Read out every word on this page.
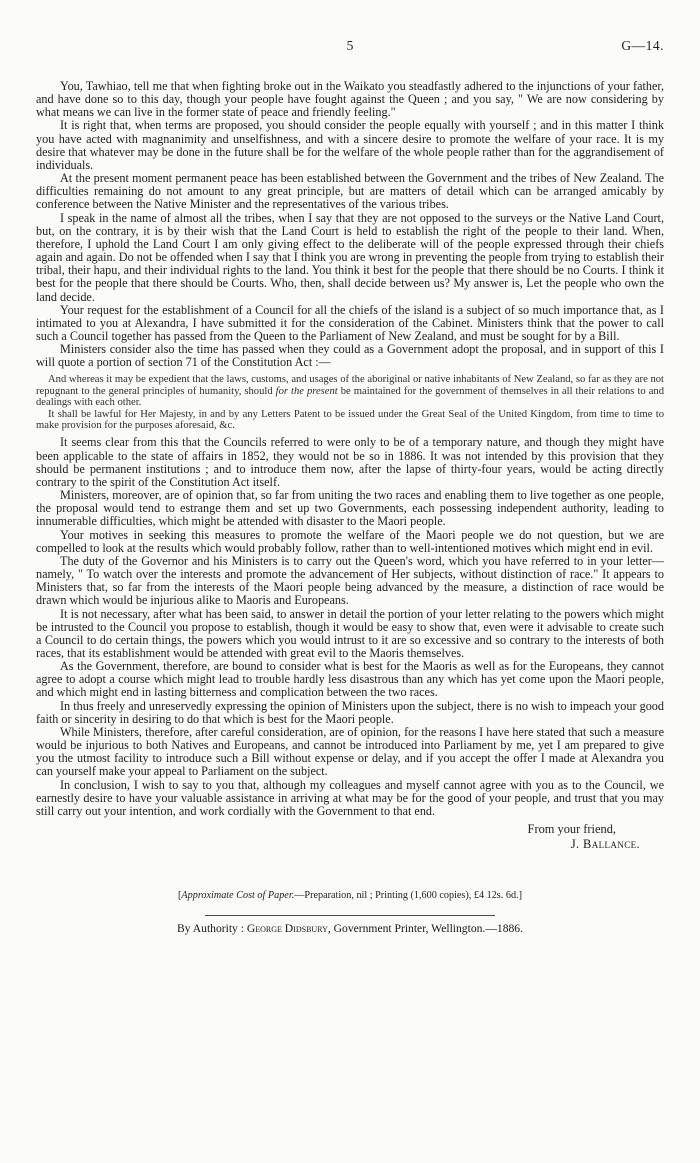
5	G—14.

You, Tawhiao, tell me that when fighting broke out in the Waikato you steadfastly adhered to the injunctions of your father, and have done so to this day, though your people have fought against the Queen ; and you say, " We are now considering by what means we can live in the former state of peace and friendly feeling."

It is right that, when terms are proposed, you should consider the people equally with yourself ; and in this matter I think you have acted with magnanimity and unselfishness, and with a sincere desire to promote the welfare of your race. It is my desire that whatever may be done in the future shall be for the welfare of the whole people rather than for the aggrandisement of individuals.

At the present moment permanent peace has been established between the Government and the tribes of New Zealand. The difficulties remaining do not amount to any great principle, but are matters of detail which can be arranged amicably by conference between the Native Minister and the representatives of the various tribes.

I speak in the name of almost all the tribes, when I say that they are not opposed to the surveys or the Native Land Court, but, on the contrary, it is by their wish that the Land Court is held to establish the right of the people to their land. When, therefore, I uphold the Land Court I am only giving effect to the deliberate will of the people expressed through their chiefs again and again. Do not be offended when I say that I think you are wrong in preventing the people from trying to establish their tribal, their hapu, and their individual rights to the land. You think it best for the people that there should be no Courts. I think it best for the people that there should be Courts. Who, then, shall decide between us? My answer is, Let the people who own the land decide.

Your request for the establishment of a Council for all the chiefs of the island is a subject of so much importance that, as I intimated to you at Alexandra, I have submitted it for the consideration of the Cabinet. Ministers think that the power to call such a Council together has passed from the Queen to the Parliament of New Zealand, and must be sought for by a Bill.

Ministers consider also the time has passed when they could as a Government adopt the proposal, and in support of this I will quote a portion of section 71 of the Constitution Act :—

And whereas it may be expedient that the laws, customs, and usages of the aboriginal or native inhabitants of New Zealand, so far as they are not repugnant to the general principles of humanity, should for the present be maintained for the government of themselves in all their relations to and dealings with each other.

It shall be lawful for Her Majesty, in and by any Letters Patent to be issued under the Great Seal of the United Kingdom, from time to time to make provision for the purposes aforesaid, &c.

It seems clear from this that the Councils referred to were only to be of a temporary nature, and though they might have been applicable to the state of affairs in 1852, they would not be so in 1886. It was not intended by this provision that they should be permanent institutions ; and to introduce them now, after the lapse of thirty-four years, would be acting directly contrary to the spirit of the Constitution Act itself.

Ministers, moreover, are of opinion that, so far from uniting the two races and enabling them to live together as one people, the proposal would tend to estrange them and set up two Governments, each possessing independent authority, leading to innumerable difficulties, which might be attended with disaster to the Maori people.

Your motives in seeking this measures to promote the welfare of the Maori people we do not question, but we are compelled to look at the results which would probably follow, rather than to well-intentioned motives which might end in evil.

The duty of the Governor and his Ministers is to carry out the Queen's word, which you have referred to in your letter—namely, " To watch over the interests and promote the advancement of Her subjects, without distinction of race." It appears to Ministers that, so far from the interests of the Maori people being advanced by the measure, a distinction of race would be drawn which would be injurious alike to Maoris and Europeans.

It is not necessary, after what has been said, to answer in detail the portion of your letter relating to the powers which might be intrusted to the Council you propose to establish, though it would be easy to show that, even were it advisable to create such a Council to do certain things, the powers which you would intrust to it are so excessive and so contrary to the interests of both races, that its establishment would be attended with great evil to the Maoris themselves.

As the Government, therefore, are bound to consider what is best for the Maoris as well as for the Europeans, they cannot agree to adopt a course which might lead to trouble hardly less disastrous than any which has yet come upon the Maori people, and which might end in lasting bitterness and complication between the two races.

In thus freely and unreservedly expressing the opinion of Ministers upon the subject, there is no wish to impeach your good faith or sincerity in desiring to do that which is best for the Maori people.

While Ministers, therefore, after careful consideration, are of opinion, for the reasons I have here stated that such a measure would be injurious to both Natives and Europeans, and cannot be introduced into Parliament by me, yet I am prepared to give you the utmost facility to introduce such a Bill without expense or delay, and if you accept the offer I made at Alexandra you can yourself make your appeal to Parliament on the subject.

In conclusion, I wish to say to you that, although my colleagues and myself cannot agree with you as to the Council, we earnestly desire to have your valuable assistance in arriving at what may be for the good of your people, and trust that you may still carry out your intention, and work cordially with the Government to that end.

From your friend,
J. Ballance.
[Approximate Cost of Paper.—Preparation, nil ; Printing (1,600 copies), £4 12s. 6d.]
By Authority : George Didsbury, Government Printer, Wellington.—1886.
